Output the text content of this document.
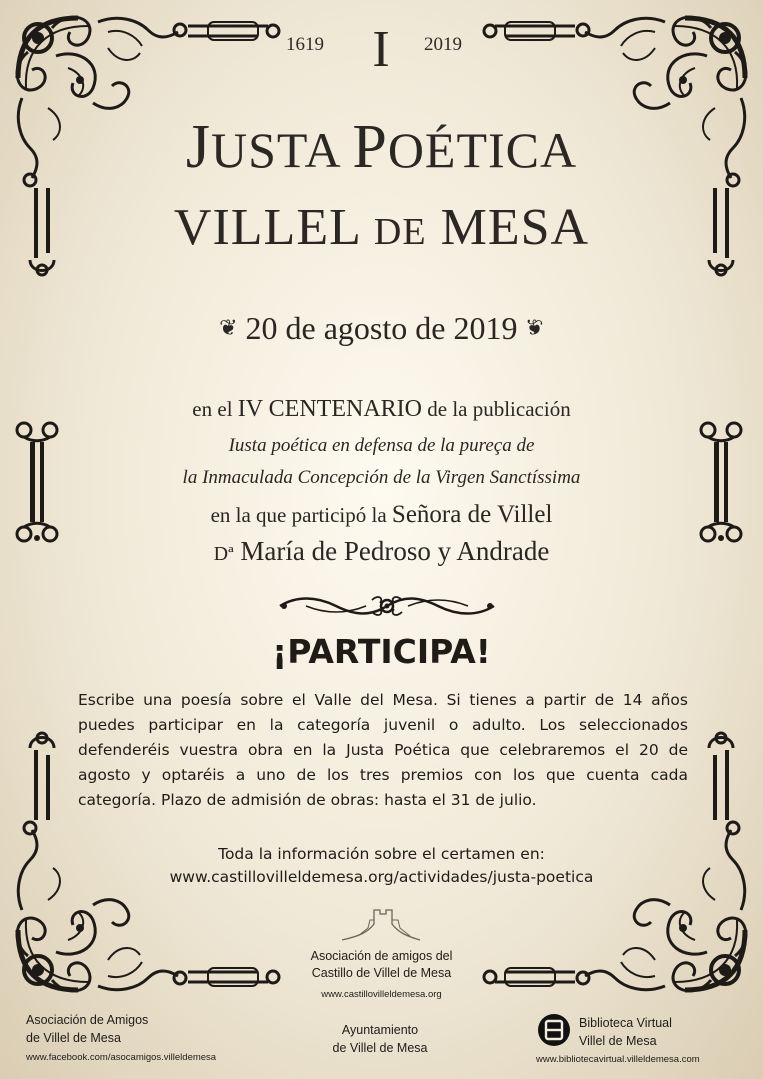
1619	2019
I
JUSTA POÉTICA
VILLEL DE MESA
❦ 20 de agosto de 2019 ❦
en el IV CENTENARIO de la publicación
Iusta poética en defensa de la pureça de
la Inmaculada Concepción de la Virgen Sanctíssima
en la que participó la Señora de Villel
Dª María de Pedroso y Andrade
¡PARTICIPA!
Escribe una poesía sobre el Valle del Mesa. Si tienes a partir de 14 años puedes participar en la categoría juvenil o adulto. Los seleccionados defenderéis vuestra obra en la Justa Poética que celebraremos el 20 de agosto y optaréis a uno de los tres premios con los que cuenta cada categoría. Plazo de admisión de obras: hasta el 31 de julio.
Toda la información sobre el certamen en:
www.castillovilleldemesa.org/actividades/justa-poetica
Asociación de amigos del
Castillo de Villel de Mesa
www.castillovilleldemesa.org
Asociación de Amigos
de Villel de Mesa
www.facebook.com/asocamigos.villeldemesa
Ayuntamiento
de Villel de Mesa
Biblioteca Virtual
Villel de Mesa
www.bibliotecavirtual.villeldemesa.com
